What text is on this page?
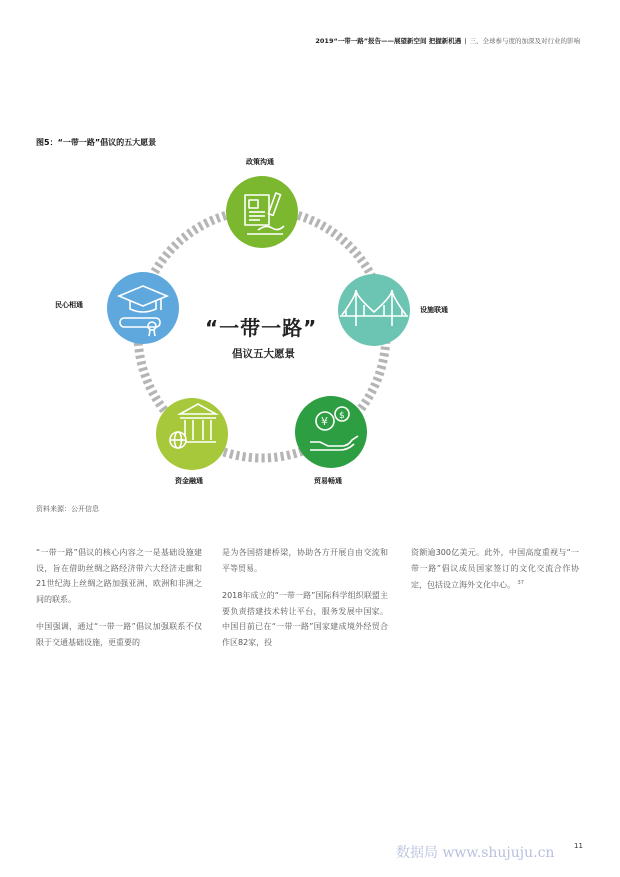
2019“一带一路”报告——展望新空间 把握新机遇 | 三、全球参与度的加深及对行业的影响
图5：“一带一路”倡议的五大愿景
¥ $
政策沟通
设施联通
贸易畅通
资金融通
民心相通
“一带一路”
倡议五大愿景
资料来源：公开信息

“一带一路”倡议的核心内容之一是基础设施建设，旨在借助丝绸之路经济带六大经济走廊和21世纪海上丝绸之路加强亚洲、欧洲和非洲之间的联系。

中国强调，通过“一带一路”倡议加强联系不仅限于交通基础设施，更重要的

是为各国搭建桥梁，协助各方开展自由交流和平等贸易。

2018年成立的“一带一路”国际科学组织联盟主要负责搭建技术转让平台，服务发展中国家。中国目前已在“一带一路”国家建成境外经贸合作区82家，投

资额逾300亿美元。此外，中国高度重视与“一带一路”倡议成员国家签订的文化交流合作协定，包括设立海外文化中心。 $^{37}$

数据局 www.shujuju.cn	11
